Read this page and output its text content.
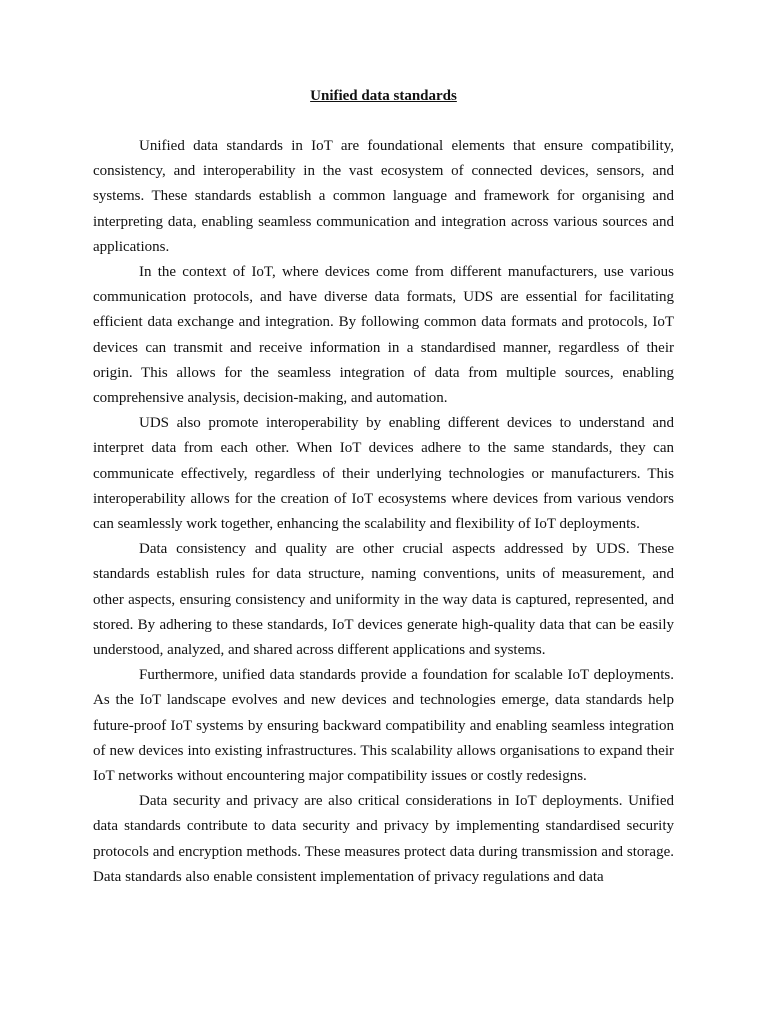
Unified data standards

Unified data standards in IoT are foundational elements that ensure compatibility, consistency, and interoperability in the vast ecosystem of connected devices, sensors, and systems. These standards establish a common language and framework for organising and interpreting data, enabling seamless communication and integration across various sources and applications.

In the context of IoT, where devices come from different manufacturers, use various communication protocols, and have diverse data formats, UDS are essential for facilitating efficient data exchange and integration. By following common data formats and protocols, IoT devices can transmit and receive information in a standardised manner, regardless of their origin. This allows for the seamless integration of data from multiple sources, enabling comprehensive analysis, decision-making, and automation.

UDS also promote interoperability by enabling different devices to understand and interpret data from each other. When IoT devices adhere to the same standards, they can communicate effectively, regardless of their underlying technologies or manufacturers. This interoperability allows for the creation of IoT ecosystems where devices from various vendors can seamlessly work together, enhancing the scalability and flexibility of IoT deployments.

Data consistency and quality are other crucial aspects addressed by UDS. These standards establish rules for data structure, naming conventions, units of measurement, and other aspects, ensuring consistency and uniformity in the way data is captured, represented, and stored. By adhering to these standards, IoT devices generate high-quality data that can be easily understood, analyzed, and shared across different applications and systems.

Furthermore, unified data standards provide a foundation for scalable IoT deployments. As the IoT landscape evolves and new devices and technologies emerge, data standards help future-proof IoT systems by ensuring backward compatibility and enabling seamless integration of new devices into existing infrastructures. This scalability allows organisations to expand their IoT networks without encountering major compatibility issues or costly redesigns.

Data security and privacy are also critical considerations in IoT deployments. Unified data standards contribute to data security and privacy by implementing standardised security protocols and encryption methods. These measures protect data during transmission and storage. Data standards also enable consistent implementation of privacy regulations and data
